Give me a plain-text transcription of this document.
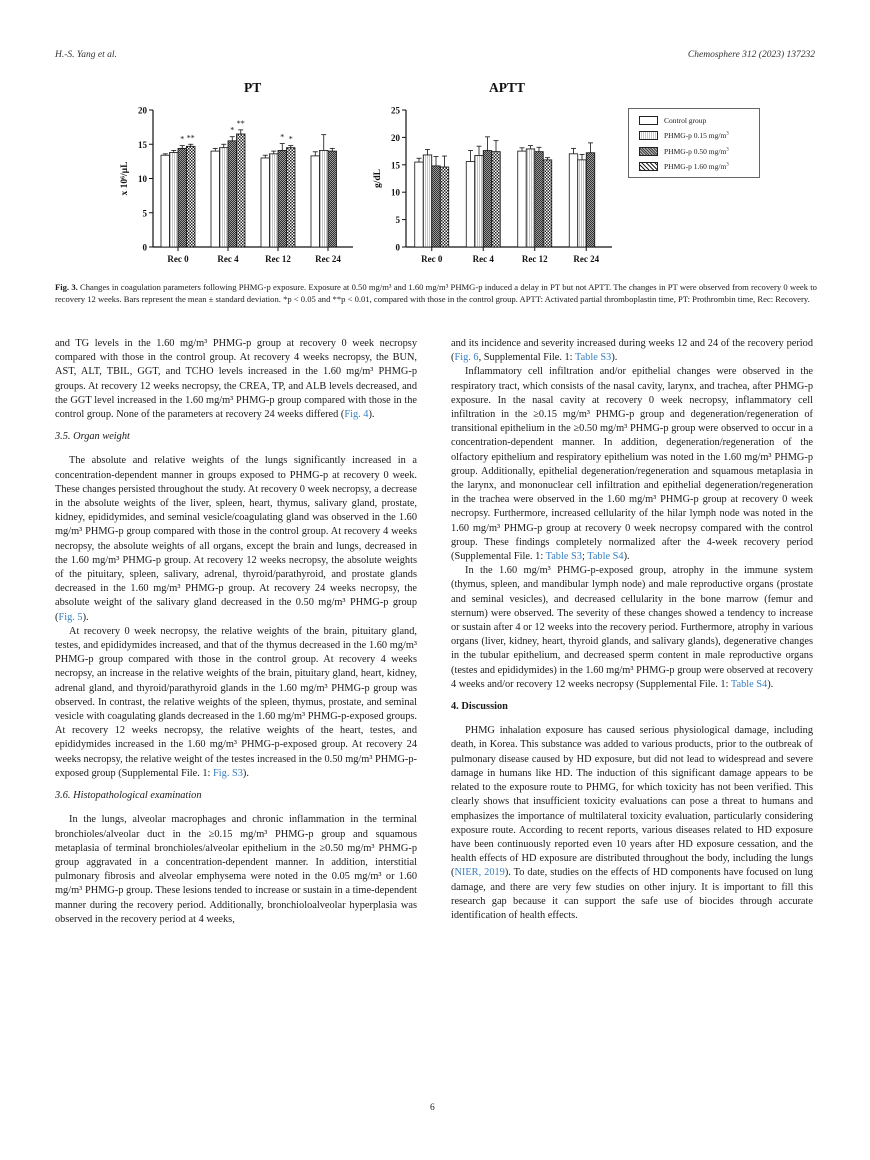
H.-S. Yang et al.	Chemosphere 312 (2023) 137232
PT	APTT
0
5
10
15
20
x 10⁶/µL
Rec 0
* **
Rec 4
*
**
Rec 12
* *
Rec 24
0
5
10
15
20
25
g/dL
Rec 0	Rec 4	Rec 12	Rec 24
Control group
PHMG-p 0.15 $mg/m^3$
PHMG-p 0.50 $mg/m^3$
PHMG-p 1.60 $mg/m^3$
Fig. 3. Changes in coagulation parameters following PHMG-p exposure. Exposure at 0.50 mg/m³ and 1.60 mg/m³ PHMG-p induced a delay in PT but not APTT. The changes in PT were observed from recovery 0 week to recovery 12 weeks. Bars represent the mean ± standard deviation. *p < 0.05 and **p < 0.01, compared with those in the control group. APTT: Activated partial thromboplastin time, PT: Prothrombin time, Rec: Recovery.

and TG levels in the 1.60 mg/m³ PHMG-p group at recovery 0 week necropsy compared with those in the control group. At recovery 4 weeks necropsy, the BUN, AST, ALT, TBIL, GGT, and TCHO levels increased in the 1.60 mg/m³ PHMG-p groups. At recovery 12 weeks necropsy, the CREA, TP, and ALB levels decreased, and the GGT level increased in the 1.60 mg/m³ PHMG-p group compared with those in the control group. None of the parameters at recovery 24 weeks differed (Fig. 4).

3.5. Organ weight

The absolute and relative weights of the lungs significantly increased in a concentration-dependent manner in groups exposed to PHMG-p at recovery 0 week. These changes persisted throughout the study. At recovery 0 week necropsy, a decrease in the absolute weights of the liver, spleen, heart, thymus, salivary gland, prostate, kidney, epididymides, and seminal vesicle/coagulating gland was observed in the 1.60 mg/m³ PHMG-p group compared with those in the control group. At recovery 4 weeks necropsy, the absolute weights of all organs, except the brain and lungs, decreased in the 1.60 mg/m³ PHMG-p group. At recovery 12 weeks necropsy, the absolute weights of the pituitary, spleen, salivary, adrenal, thyroid/parathyroid, and prostate glands decreased in the 1.60 mg/m³ PHMG-p group. At recovery 24 weeks necropsy, the absolute weight of the salivary gland decreased in the 0.50 mg/m³ PHMG-p group (Fig. 5).

At recovery 0 week necropsy, the relative weights of the brain, pituitary gland, testes, and epididymides increased, and that of the thymus decreased in the 1.60 mg/m³ PHMG-p group compared with those in the control group. At recovery 4 weeks necropsy, an increase in the relative weights of the brain, pituitary gland, heart, kidney, adrenal gland, and thyroid/parathyroid glands in the 1.60 mg/m³ PHMG-p group was observed. In contrast, the relative weights of the spleen, thymus, prostate, and seminal vesicle with coagulating glands decreased in the 1.60 mg/m³ PHMG-p-exposed groups. At recovery 12 weeks necropsy, the relative weights of the heart, testes, and epididymides increased in the 1.60 mg/m³ PHMG-p-exposed group. At recovery 24 weeks necropsy, the relative weight of the testes increased in the 0.50 mg/m³ PHMG-p-exposed group (Supplemental File. 1: Fig. S3).

3.6. Histopathological examination

In the lungs, alveolar macrophages and chronic inflammation in the terminal bronchioles/alveolar duct in the ≥0.15 mg/m³ PHMG-p group and squamous metaplasia of terminal bronchioles/alveolar epithelium in the ≥0.50 mg/m³ PHMG-p group aggravated in a concentration-dependent manner. In addition, interstitial pulmonary fibrosis and alveolar emphysema were noted in the 0.05 mg/m³ or 1.60 mg/m³ PHMG-p group. These lesions tended to increase or sustain in a time-dependent manner during the recovery period. Additionally, bronchioloalveolar hyperplasia was observed in the recovery period at 4 weeks,

and its incidence and severity increased during weeks 12 and 24 of the recovery period (Fig. 6, Supplemental File. 1: Table S3).

Inflammatory cell infiltration and/or epithelial changes were observed in the respiratory tract, which consists of the nasal cavity, larynx, and trachea, after PHMG-p exposure. In the nasal cavity at recovery 0 week necropsy, inflammatory cell infiltration in the ≥0.15 mg/m³ PHMG-p group and degeneration/regeneration of transitional epithelium in the ≥0.50 mg/m³ PHMG-p group were observed to occur in a concentration-dependent manner. In addition, degeneration/regeneration of the olfactory epithelium and respiratory epithelium was noted in the 1.60 mg/m³ PHMG-p group. Additionally, epithelial degeneration/regeneration and squamous metaplasia in the larynx, and mononuclear cell infiltration and epithelial degeneration/regeneration in the trachea were observed in the 1.60 mg/m³ PHMG-p group at recovery 0 week necropsy. Furthermore, increased cellularity of the hilar lymph node was noted in the 1.60 mg/m³ PHMG-p group at recovery 0 week necropsy compared with the control group. These findings completely normalized after the 4-week recovery period (Supplemental File. 1: Table S3; Table S4).

In the 1.60 mg/m³ PHMG-p-exposed group, atrophy in the immune system (thymus, spleen, and mandibular lymph node) and male reproductive organs (prostate and seminal vesicles), and decreased cellularity in the bone marrow (femur and sternum) were observed. The severity of these changes showed a tendency to increase or sustain after 4 or 12 weeks into the recovery period. Furthermore, atrophy in various organs (liver, kidney, heart, thyroid glands, and salivary glands), degenerative changes in the tubular epithelium, and decreased sperm content in male reproductive organs (testes and epididymides) in the 1.60 mg/m³ PHMG-p group were observed at recovery 4 weeks and/or recovery 12 weeks necropsy (Supplemental File. 1: Table S4).

4. Discussion

PHMG inhalation exposure has caused serious physiological damage, including death, in Korea. This substance was added to various products, prior to the outbreak of pulmonary disease caused by HD exposure, but did not lead to widespread and severe damage in humans like HD. The induction of this significant damage appears to be related to the exposure route to PHMG, for which toxicity has not been verified. This clearly shows that insufficient toxicity evaluations can pose a threat to humans and emphasizes the importance of multilateral toxicity evaluation, particularly considering exposure route. According to recent reports, various diseases related to HD exposure have been continuously reported even 10 years after HD exposure cessation, and the health effects of HD exposure are distributed throughout the body, including the lungs (NIER, 2019). To date, studies on the effects of HD components have focused on lung damage, and there are very few studies on other injury. It is important to fill this research gap because it can support the safe use of biocides through accurate identification of health effects.

6
